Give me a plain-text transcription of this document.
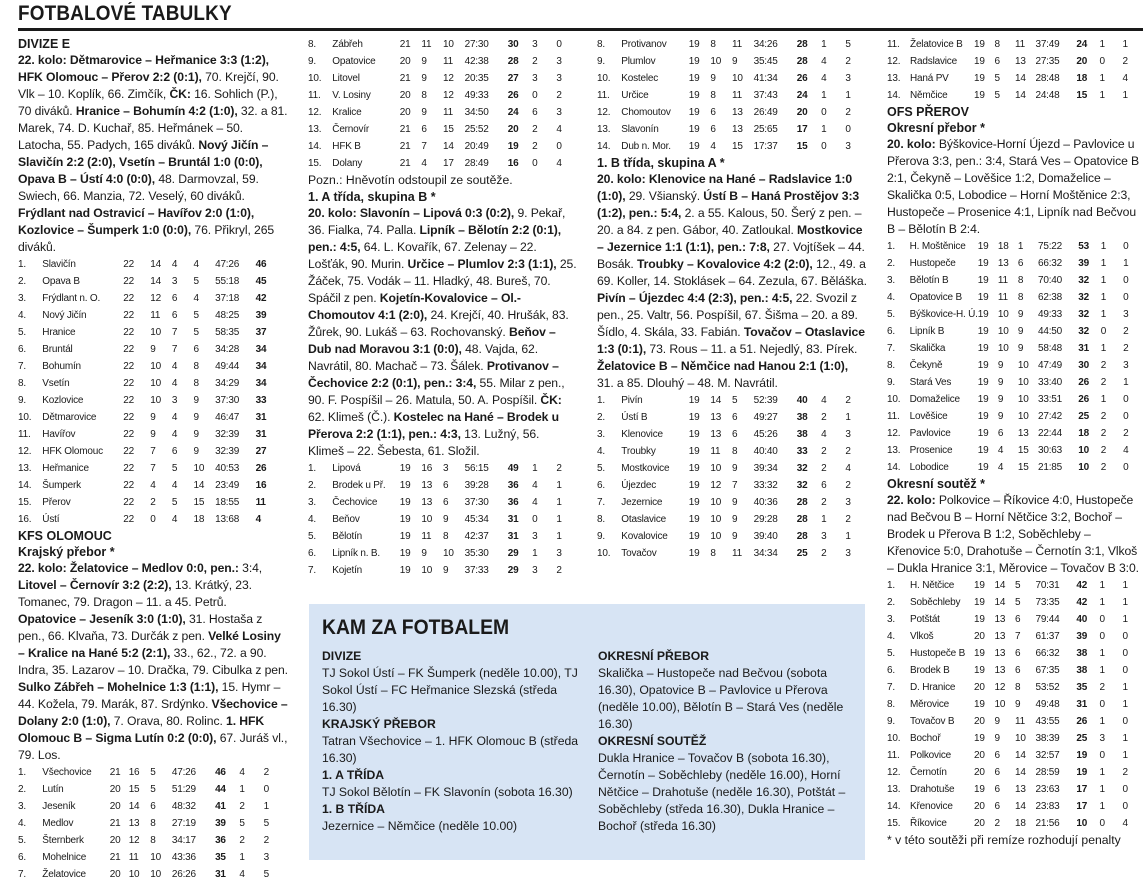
FOTBALOVÉ TABULKY
DIVIZE E

22. kolo: Dětmarovice – Heřmanice 3:3 (1:2), HFK Olomouc – Přerov 2:2 (0:1), 70. Krejčí, 90. Vlk – 10. Koplík, 66. Zimčík, ČK: 16. Sohlich (P.), 70 diváků. Hranice – Bohumín 4:2 (1:0), 32. a 81. Marek, 74. D. Kuchař, 85. Heřmánek – 50. Latocha, 55. Padych, 165 diváků. Nový Jičín – Slavičín 2:2 (2:0), Vsetín – Bruntál 1:0 (0:0), Opava B – Ústí 4:0 (0:0), 48. Darmovzal, 59. Swiech, 66. Manzia, 72. Veselý, 60 diváků. Frýdlant nad Ostravicí – Havířov 2:0 (1:0), Kozlovice – Šumperk 1:0 (0:0), 76. Přikryl, 265 diváků.

1.	Slavičín	22	14	4	4	47:26	46
2.	Opava B	22	14	3	5	55:18	45
3.	Frýdlant n. O.	22	12	6	4	37:18	42
4.	Nový Jičín	22	11	6	5	48:25	39
5.	Hranice	22	10	7	5	58:35	37
6.	Bruntál	22	9	7	6	34:28	34
7.	Bohumín	22	10	4	8	49:44	34
8.	Vsetín	22	10	4	8	34:29	34
9.	Kozlovice	22	10	3	9	37:30	33
10.	Dětmarovice	22	9	4	9	46:47	31
11.	Havířov	22	9	4	9	32:39	31
12.	HFK Olomouc	22	7	6	9	32:39	27
13.	Heřmanice	22	7	5	10	40:53	26
14.	Šumperk	22	4	4	14	23:49	16
15.	Přerov	22	2	5	15	18:55	11
16.	Ústí	22	0	4	18	13:68	4
KFS OLOMOUC
Krajský přebor *

22. kolo: Želatovice – Medlov 0:0, pen.: 3:4, Litovel – Černovír 3:2 (2:2), 13. Krátký, 23. Tomanec, 79. Dragon – 11. a 45. Petrů. Opatovice – Jeseník 3:0 (1:0), 31. Hostaša z pen., 66. Klvaňa, 73. Durčák z pen. Velké Losiny – Kralice na Hané 5:2 (2:1), 33., 62., 72. a 90. Indra, 35. Lazarov – 10. Dračka, 79. Cibulka z pen. Sulko Zábřeh – Mohelnice 1:3 (1:1), 15. Hymr – 44. Kožela, 79. Marák, 87. Srdýnko. Všechovice – Dolany 2:0 (1:0), 7. Orava, 80. Rolinc. 1. HFK Olomouc B – Sigma Lutín 0:2 (0:0), 67. Juráš vl., 79. Los.

1.	Všechovice	21	16	5	47:26	46	4	2
2.	Lutín	20	15	5	51:29	44	1	0
3.	Jeseník	20	14	6	48:32	41	2	1
4.	Medlov	21	13	8	27:19	39	5	5
5.	Šternberk	20	12	8	34:17	36	2	2
6.	Mohelnice	21	11	10	43:36	35	1	3
7.	Želatovice	20	10	10	26:26	31	4	5
8.	Zábřeh	21	11	10	27:30	30	3	0
9.	Opatovice	20	9	11	42:38	28	2	3
10.	Litovel	21	9	12	20:35	27	3	3
11.	V. Losiny	20	8	12	49:33	26	0	2
12.	Kralice	20	9	11	34:50	24	6	3
13.	Černovír	21	6	15	25:52	20	2	4
14.	HFK B	21	7	14	20:49	19	2	0
15.	Dolany	21	4	17	28:49	16	0	4
Pozn.: Hněvotín odstoupil ze soutěže.
1. A třída, skupina B *

20. kolo: Slavonín – Lipová 0:3 (0:2), 9. Pekař, 36. Fialka, 74. Palla. Lipník – Bělotín 2:2 (0:1), pen.: 4:5, 64. L. Kovařík, 67. Zelenay – 22. Lošťák, 90. Murin. Určice – Plumlov 2:3 (1:1), 25. Žáček, 75. Vodák – 11. Hladký, 48. Bureš, 70. Spáčil z pen. Kojetín-Kovalovice – Ol.-Chomoutov 4:1 (2:0), 24. Krejčí, 40. Hrušák, 83. Žůrek, 90. Lukáš – 63. Rochovanský. Beňov – Dub nad Moravou 3:1 (0:0), 48. Vajda, 62. Navrátil, 80. Machač – 73. Šálek. Protivanov – Čechovice 2:2 (0:1), pen.: 3:4, 55. Milar z pen., 90. F. Pospíšil – 26. Matula, 50. A. Pospíšil. ČK: 62. Klimeš (Č.). Kostelec na Hané – Brodek u Přerova 2:2 (1:1), pen.: 4:3, 13. Lužný, 56. Klimeš – 22. Šebesta, 61. Složil.

1.	Lipová	19	16	3	56:15	49	1	2
2.	Brodek u Př.	19	13	6	39:28	36	4	1
3.	Čechovice	19	13	6	37:30	36	4	1
4.	Beňov	19	10	9	45:34	31	0	1
5.	Bělotín	19	11	8	42:37	31	3	1
6.	Lipník n. B.	19	9	10	35:30	29	1	3
7.	Kojetín	19	10	9	37:33	29	3	2
8.	Protivanov	19	8	11	34:26	28	1	5
9.	Plumlov	19	10	9	35:45	28	4	2
10.	Kostelec	19	9	10	41:34	26	4	3
11.	Určice	19	8	11	37:43	24	1	1
12.	Chomoutov	19	6	13	26:49	20	0	2
13.	Slavonín	19	6	13	25:65	17	1	0
14.	Dub n. Mor.	19	4	15	17:37	15	0	3
1. B třída, skupina A *

20. kolo: Klenovice na Hané – Radslavice 1:0 (1:0), 29. Všianský. Ústí B – Haná Prostějov 3:3 (1:2), pen.: 5:4, 2. a 55. Kalous, 50. Šerý z pen. – 20. a 84. z pen. Gábor, 40. Zatloukal. Mostkovice – Jezernice 1:1 (1:1), pen.: 7:8, 27. Vojtíšek – 44. Bosák. Troubky – Kovalovice 4:2 (2:0), 12., 49. a 69. Koller, 14. Stoklásek – 64. Zezula, 67. Běláška. Pivín – Újezdec 4:4 (2:3), pen.: 4:5, 22. Svozil z pen., 25. Valtr, 56. Pospíšil, 67. Šišma – 20. a 89. Šídlo, 4. Skála, 33. Fabián. Tovačov – Otaslavice 1:3 (0:1), 73. Rous – 11. a 51. Nejedlý, 83. Pírek. Želatovice B – Němčice nad Hanou 2:1 (1:0), 31. a 85. Dlouhý – 48. M. Navrátil.

1.	Pivín	19	14	5	52:39	40	4	2
2.	Ústí B	19	13	6	49:27	38	2	1
3.	Klenovice	19	13	6	45:26	38	4	3
4.	Troubky	19	11	8	40:40	33	2	2
5.	Mostkovice	19	10	9	39:34	32	2	4
6.	Újezdec	19	12	7	33:32	32	6	2
7.	Jezernice	19	10	9	40:36	28	2	3
8.	Otaslavice	19	10	9	29:28	28	1	2
9.	Kovalovice	19	10	9	39:40	28	3	1
10.	Tovačov	19	8	11	34:34	25	2	3
11.	Želatovice B	19	8	11	37:49	24	1	1
12.	Radslavice	19	6	13	27:35	20	0	2
13.	Haná PV	19	5	14	28:48	18	1	4
14.	Němčice	19	5	14	24:48	15	1	1
OFS PŘEROV
Okresní přebor *

20. kolo: Býškovice-Horní Újezd – Pavlovice u Přerova 3:3, pen.: 3:4, Stará Ves – Opatovice B 2:1, Čekyně – Lověšice 1:2, Domaželice – Skalička 0:5, Lobodice – Horní Moštěnice 2:3, Hustopeče – Prosenice 4:1, Lipník nad Bečvou B – Bělotín B 2:4.

1.	H. Moštěnice	19	18	1	75:22	53	1	0
2.	Hustopeče	19	13	6	66:32	39	1	1
3.	Bělotín B	19	11	8	70:40	32	1	0
4.	Opatovice B	19	11	8	62:38	32	1	0
5.	Býškovice-H. Ú.	19	10	9	49:33	32	1	3
6.	Lipník B	19	10	9	44:50	32	0	2
7.	Skalička	19	10	9	58:48	31	1	2
8.	Čekyně	19	9	10	47:49	30	2	3
9.	Stará Ves	19	9	10	33:40	26	2	1
10.	Domaželice	19	9	10	33:51	26	1	0
11.	Lověšice	19	9	10	27:42	25	2	0
12.	Pavlovice	19	6	13	22:44	18	2	2
13.	Prosenice	19	4	15	30:63	10	2	4
14.	Lobodice	19	4	15	21:85	10	2	0
Okresní soutěž *

22. kolo: Polkovice – Říkovice 4:0, Hustopeče nad Bečvou B – Horní Nětčice 3:2, Bochoř – Brodek u Přerova B 1:2, Soběchleby – Křenovice 5:0, Drahotuše – Černotín 3:1, Vlkoš – Dukla Hranice 3:1, Měrovice – Tovačov B 3:0.

1.	H. Nětčice	19	14	5	70:31	42	1	1
2.	Soběchleby	19	14	5	73:35	42	1	1
3.	Potštát	19	13	6	79:44	40	0	1
4.	Vlkoš	20	13	7	61:37	39	0	0
5.	Hustopeče B	19	13	6	66:32	38	1	0
6.	Brodek B	19	13	6	67:35	38	1	0
7.	D. Hranice	20	12	8	53:52	35	2	1
8.	Měrovice	19	10	9	49:48	31	0	1
9.	Tovačov B	20	9	11	43:55	26	1	0
10.	Bochoř	19	9	10	38:39	25	3	1
11.	Polkovice	20	6	14	32:57	19	0	1
12.	Černotín	20	6	14	28:59	19	1	2
13.	Drahotuše	19	6	13	23:63	17	1	0
14.	Křenovice	20	6	14	23:83	17	1	0
15.	Říkovice	20	2	18	21:56	10	0	4
* v této soutěži při remíze rozhodují penalty
KAM ZA FOTBALEM
DIVIZE
TJ Sokol Ústí – FK Šumperk (neděle 10.00), TJ Sokol Ústí – FC Heřmanice Slezská (středa 16.30)
KRAJSKÝ PŘEBOR
Tatran Všechovice – 1. HFK Olomouc B (středa 16.30)
1. A TŘÍDA
TJ Sokol Bělotín – FK Slavonín (sobota 16.30)
1. B TŘÍDA
Jezernice – Němčice (neděle 10.00)
OKRESNÍ PŘEBOR
Skalička – Hustopeče nad Bečvou (sobota 16.30), Opatovice B – Pavlovice u Přerova (neděle 10.00), Bělotín B – Stará Ves (neděle 16.30)
OKRESNÍ SOUTĚŽ
Dukla Hranice – Tovačov B (sobota 16.30), Černotín – Soběchleby (neděle 16.00), Horní Nětčice – Drahotuše (neděle 16.30), Potštát – Soběchleby (středa 16.30), Dukla Hranice – Bochoř (středa 16.30)
